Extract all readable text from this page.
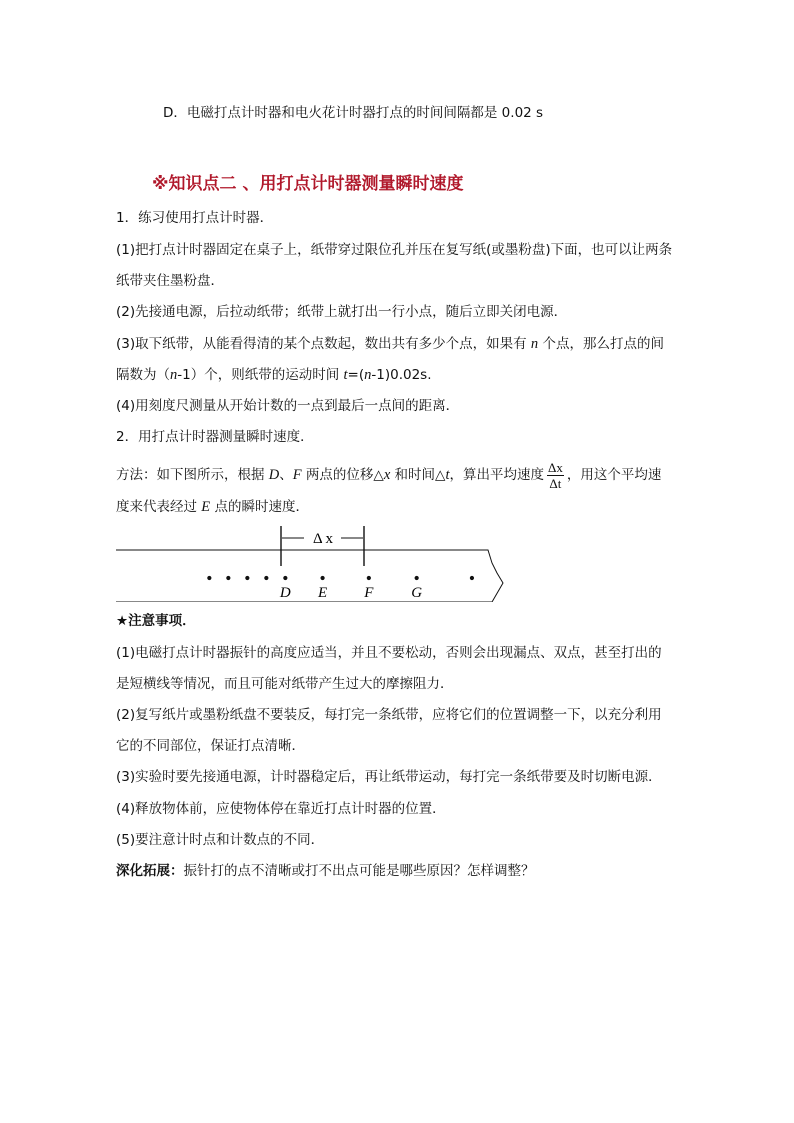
D．电磁打点计时器和电火花计时器打点的时间间隔都是 0.02 s
※知识点二 、用打点计时器测量瞬时速度
1．练习使用打点计时器．
(1)把打点计时器固定在桌子上，纸带穿过限位孔并压在复写纸(或墨粉盘)下面，也可以让两条
纸带夹住墨粉盘．
(2)先接通电源，后拉动纸带；纸带上就打出一行小点，随后立即关闭电源．
(3)取下纸带，从能看得清的某个点数起，数出共有多少个点，如果有 n 个点，那么打点的间
隔数为（n-1）个，则纸带的运动时间 t=(n-1)0.02s.
(4)用刻度尺测量从开始计数的一点到最后一点间的距离．
2．用打点计时器测量瞬时速度．
方法：如下图所示，根据 D、F 两点的位移△x 和时间△t，算出平均速度 $\frac{\Delta x}{\Delta t}$ ，用这个平均速
度来代表经过 E 点的瞬时速度．
Δ x
D E F	G
★注意事项．
(1)电磁打点计时器振针的高度应适当，并且不要松动，否则会出现漏点、双点，甚至打出的
是短横线等情况，而且可能对纸带产生过大的摩擦阻力．
(2)复写纸片或墨粉纸盘不要装反，每打完一条纸带，应将它们的位置调整一下，以充分利用
它的不同部位，保证打点清晰．
(3)实验时要先接通电源，计时器稳定后，再让纸带运动，每打完一条纸带要及时切断电源．
(4)释放物体前，应使物体停在靠近打点计时器的位置．
(5)要注意计时点和计数点的不同．
深化拓展：振针打的点不清晰或打不出点可能是哪些原因？怎样调整？
